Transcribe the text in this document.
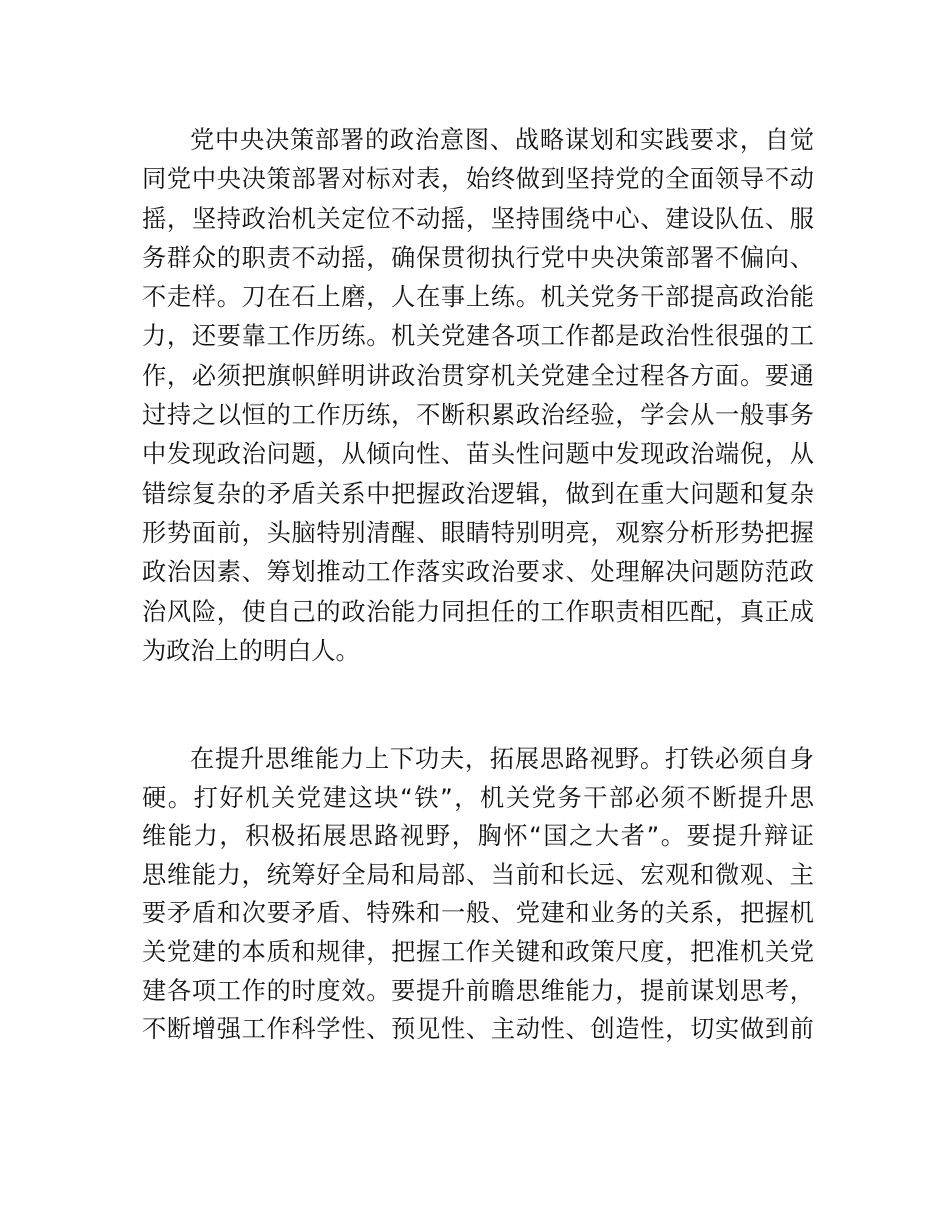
党中央决策部署的政治意图、战略谋划和实践要求，自觉
同党中央决策部署对标对表，始终做到坚持党的全面领导不动
摇，坚持政治机关定位不动摇，坚持围绕中心、建设队伍、服
务群众的职责不动摇，确保贯彻执行党中央决策部署不偏向、
不走样。刀在石上磨，人在事上练。机关党务干部提高政治能
力，还要靠工作历练。机关党建各项工作都是政治性很强的工
作，必须把旗帜鲜明讲政治贯穿机关党建全过程各方面。要通
过持之以恒的工作历练，不断积累政治经验，学会从一般事务
中发现政治问题，从倾向性、苗头性问题中发现政治端倪，从
错综复杂的矛盾关系中把握政治逻辑，做到在重大问题和复杂
形势面前，头脑特别清醒、眼睛特别明亮，观察分析形势把握
政治因素、筹划推动工作落实政治要求、处理解决问题防范政
治风险，使自己的政治能力同担任的工作职责相匹配，真正成
为政治上的明白人。
在提升思维能力上下功夫，拓展思路视野。打铁必须自身
硬。打好机关党建这块“铁”，机关党务干部必须不断提升思
维能力，积极拓展思路视野，胸怀“国之大者”。要提升辩证
思维能力，统筹好全局和局部、当前和长远、宏观和微观、主
要矛盾和次要矛盾、特殊和一般、党建和业务的关系，把握机
关党建的本质和规律，把握工作关键和政策尺度，把准机关党
建各项工作的时度效。要提升前瞻思维能力，提前谋划思考，
不断增强工作科学性、预见性、主动性、创造性，切实做到前
